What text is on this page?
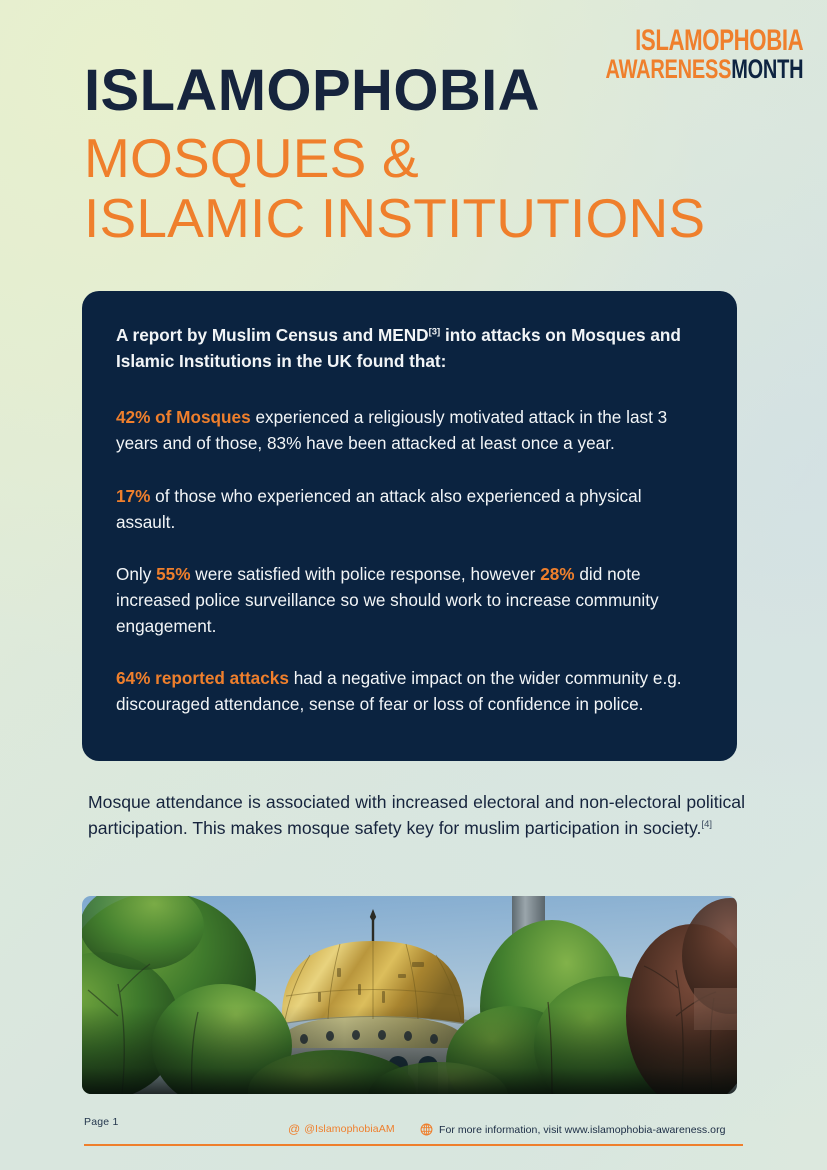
ISLAMOPHOBIA
AWARENESSMONTH
ISLAMOPHOBIA
MOSQUES &
ISLAMIC INSTITUTIONS

A report by Muslim Census and MEND[3] into attacks on Mosques and Islamic Institutions in the UK found that:

42% of Mosques experienced a religiously motivated attack in the last 3 years and of those, 83% have been attacked at least once a year.

17% of those who experienced an attack also experienced a physical assault.

Only 55% were satisfied with police response, however 28% did note increased police surveillance so we should work to increase community engagement.

64% reported attacks had a negative impact on the wider community e.g. discouraged attendance, sense of fear or loss of confidence in police.

Mosque attendance is associated with increased electoral and non-electoral political participation. This makes mosque safety key for muslim participation in society.[4]

Page 1	@ @IslamophobiaAM	For more information, visit www.islamophobia-awareness.org
